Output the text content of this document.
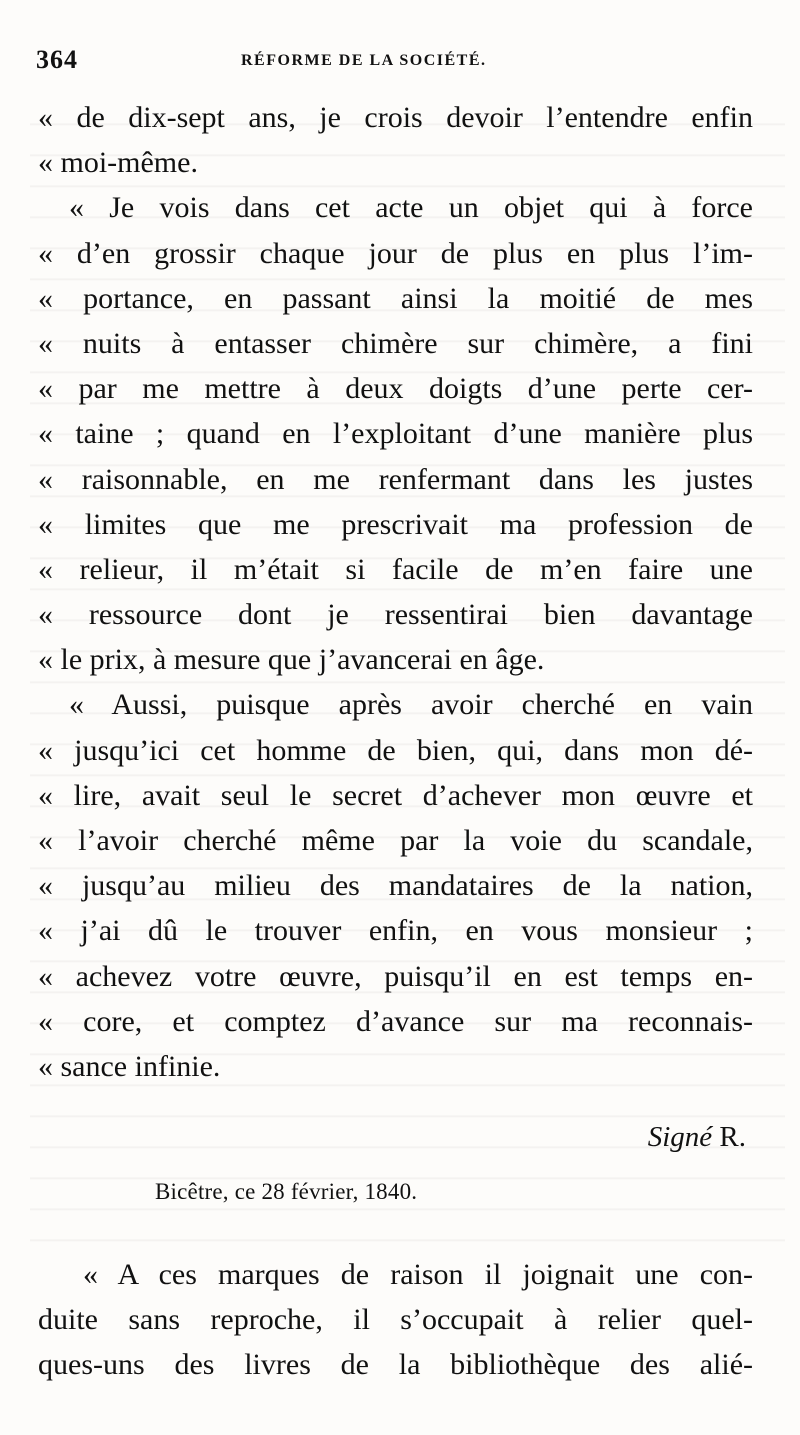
364	RÉFORME DE LA SOCIÉTÉ.
« de dix-sept ans, je crois devoir l’entendre enfin
« moi-même.
« Je vois dans cet acte un objet qui à force
« d’en grossir chaque jour de plus en plus l’im-
« portance, en passant ainsi la moitié de mes
« nuits à entasser chimère sur chimère, a fini
« par me mettre à deux doigts d’une perte cer-
« taine ; quand en l’exploitant d’une manière plus
« raisonnable, en me renfermant dans les justes
« limites que me prescrivait ma profession de
« relieur, il m’était si facile de m’en faire une
« ressource dont je ressentirai bien davantage
« le prix, à mesure que j’avancerai en âge.
« Aussi, puisque après avoir cherché en vain
« jusqu’ici cet homme de bien, qui, dans mon dé-
« lire, avait seul le secret d’achever mon œuvre et
« l’avoir cherché même par la voie du scandale,
« jusqu’au milieu des mandataires de la nation,
« j’ai dû le trouver enfin, en vous monsieur ;
« achevez votre œuvre, puisqu’il en est temps en-
« core, et comptez d’avance sur ma reconnais-
« sance infinie.
Signé R.
Bicêtre, ce 28 février, 1840.
« A ces marques de raison il joignait une con-
duite sans reproche, il s’occupait à relier quel-
ques-uns des livres de la bibliothèque des alié-
